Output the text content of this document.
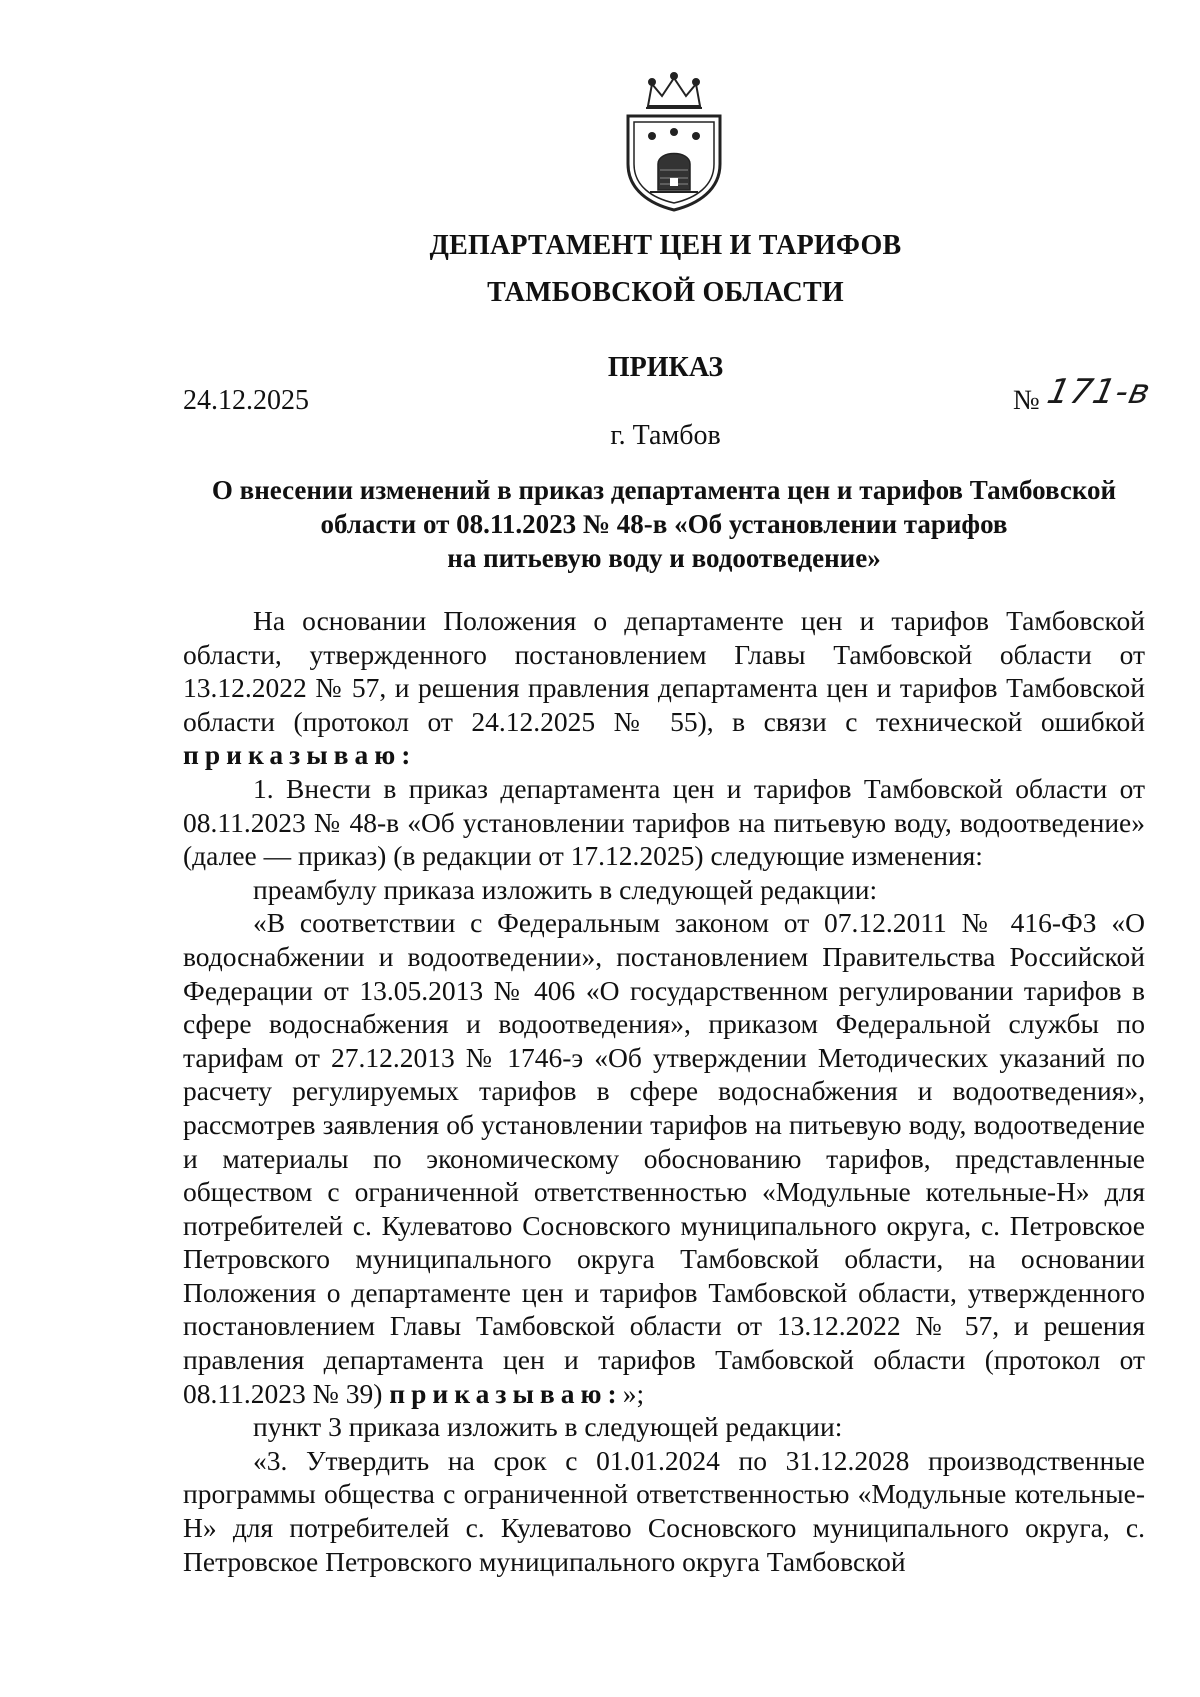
ДЕПАРТАМЕНТ ЦЕН И ТАРИФОВ
ТАМБОВСКОЙ ОБЛАСТИ
ПРИКАЗ
24.12.2025	№ 171-в
г. Тамбов
О внесении изменений в приказ департамента цен и тарифов Тамбовской
области от 08.11.2023 № 48-в «Об установлении тарифов
на питьевую воду и водоотведение»

На основании Положения о департаменте цен и тарифов Тамбовской области, утвержденного постановлением Главы Тамбовской области от 13.12.2022 № 57, и решения правления департамента цен и тарифов Тамбовской области (протокол от 24.12.2025 № 55), в связи с технической ошибкой приказываю:

1. Внести в приказ департамента цен и тарифов Тамбовской области от 08.11.2023 № 48-в «Об установлении тарифов на питьевую воду, водоотведение» (далее — приказ) (в редакции от 17.12.2025) следующие изменения:

преамбулу приказа изложить в следующей редакции:

«В соответствии с Федеральным законом от 07.12.2011 № 416-ФЗ «О водоснабжении и водоотведении», постановлением Правительства Российской Федерации от 13.05.2013 № 406 «О государственном регулировании тарифов в сфере водоснабжения и водоотведения», приказом Федеральной службы по тарифам от 27.12.2013 № 1746-э «Об утверждении Методических указаний по расчету регулируемых тарифов в сфере водоснабжения и водоотведения», рассмотрев заявления об установлении тарифов на питьевую воду, водоотведение и материалы по экономическому обоснованию тарифов, представленные обществом с ограниченной ответственностью «Модульные котельные-Н» для потребителей с. Кулеватово Сосновского муниципального округа, с. Петровское Петровского муниципального округа Тамбовской области, на основании Положения о департаменте цен и тарифов Тамбовской области, утвержденного постановлением Главы Тамбовской области от 13.12.2022 № 57, и решения правления департамента цен и тарифов Тамбовской области (протокол от 08.11.2023 № 39) приказываю:»;

пункт 3 приказа изложить в следующей редакции:

«3. Утвердить на срок с 01.01.2024 по 31.12.2028 производственные программы общества с ограниченной ответственностью «Модульные котельные-Н» для потребителей с. Кулеватово Сосновского муниципального округа, с. Петровское Петровского муниципального округа Тамбовской
